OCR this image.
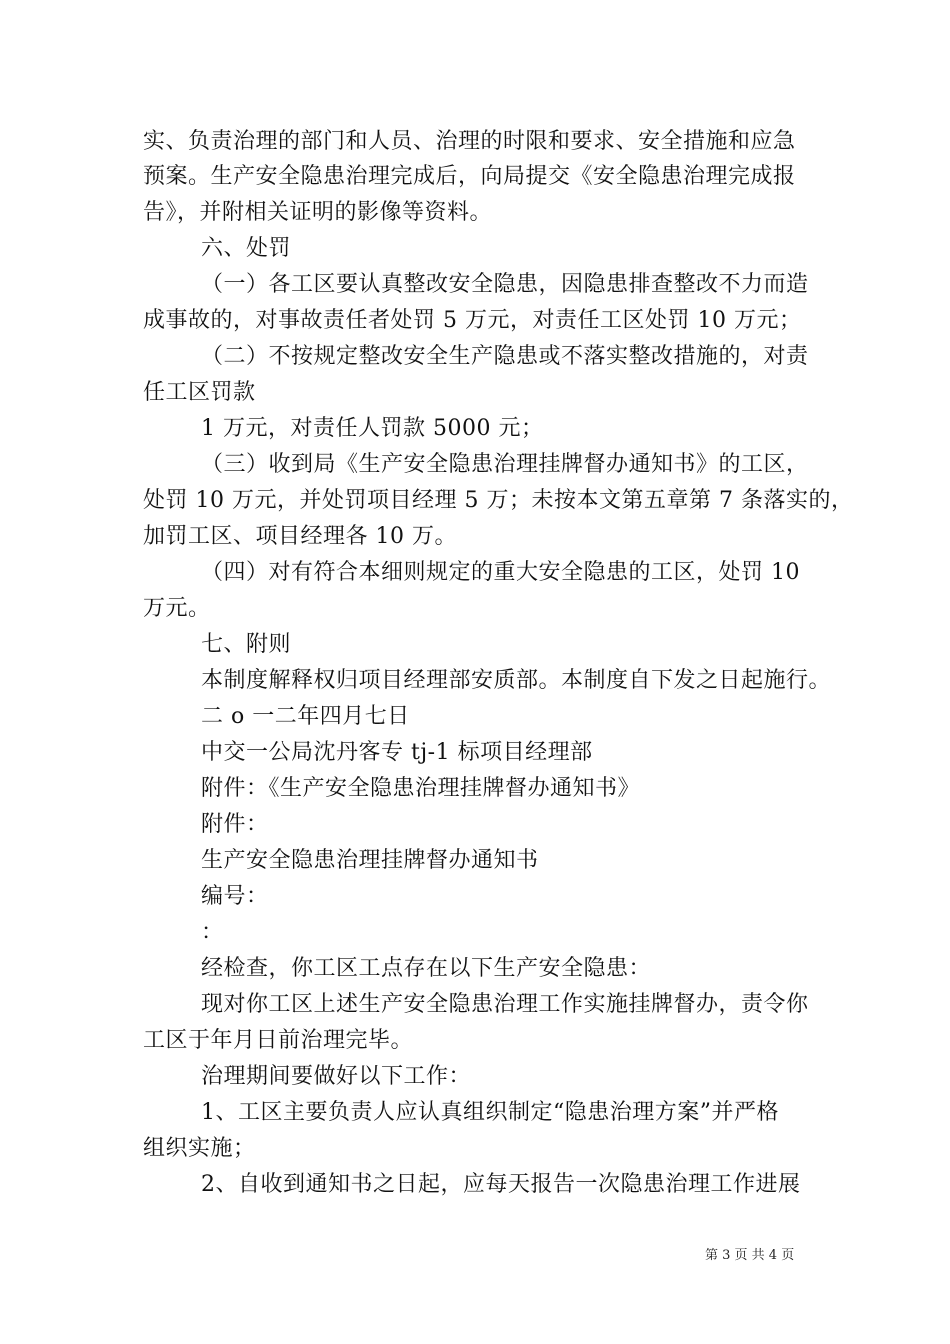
实、负责治理的部门和人员、治理的时限和要求、安全措施和应急
预案。生产安全隐患治理完成后，向局提交《安全隐患治理完成报
告》，并附相关证明的影像等资料。
六、处罚
（一）各工区要认真整改安全隐患，因隐患排查整改不力而造
成事故的，对事故责任者处罚 5 万元，对责任工区处罚 10 万元；
（二）不按规定整改安全生产隐患或不落实整改措施的，对责
任工区罚款
1 万元，对责任人罚款 5000 元；
（三）收到局《生产安全隐患治理挂牌督办通知书》的工区，
处罚 10 万元，并处罚项目经理 5 万；未按本文第五章第 7 条落实的，
加罚工区、项目经理各 10 万。
（四）对有符合本细则规定的重大安全隐患的工区，处罚 10
万元。
七、附则
本制度解释权归项目经理部安质部。本制度自下发之日起施行。
二 o 一二年四月七日
中交一公局沈丹客专 tj-1 标项目经理部
附件：《生产安全隐患治理挂牌督办通知书》
附件：
生产安全隐患治理挂牌督办通知书
编号：
：
经检查，你工区工点存在以下生产安全隐患：
现对你工区上述生产安全隐患治理工作实施挂牌督办，责令你
工区于年月日前治理完毕。
治理期间要做好以下工作：
1、工区主要负责人应认真组织制定“隐患治理方案”并严格
组织实施；
2、自收到通知书之日起，应每天报告一次隐患治理工作进展
第 3 页 共 4 页
